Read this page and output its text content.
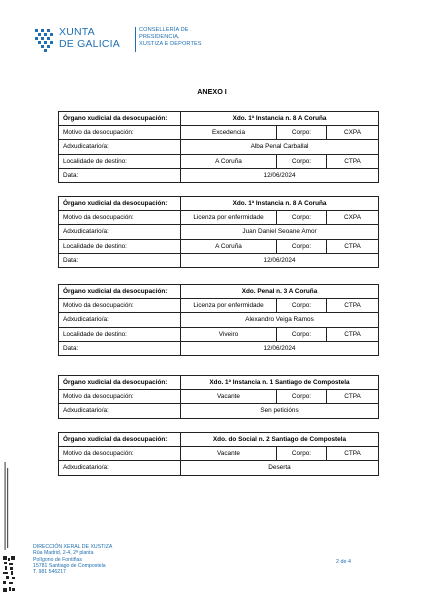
XUNTA
DE GALICIA
CONSELLERÍA DE
PRESIDENCIA,
XUSTIZA E DEPORTES
ANEXO I
Órgano xudicial da desocupación:	Xdo. 1ª Instancia n. 8 A Coruña		
Motivo da desocupación:	Excedencia	Corpo:	CXPA
Adxudicatario/a:	Alba Penal Carballal		
Localidade de destino:	A Coruña	Corpo:	CTPA
Data:	12/06/2024		
Órgano xudicial da desocupación:	Xdo. 1ª Instancia n. 8 A Coruña		
Motivo da desocupación:	Licenza por enfermidade	Corpo:	CXPA
Adxudicatario/a:	Juan Daniel Seoane Amor		
Localidade de destino:	A Coruña	Corpo:	CTPA
Data:	12/06/2024		
Órgano xudicial da desocupación:	Xdo. Penal n. 3 A Coruña		
Motivo da desocupación:	Licenza por enfermidade	Corpo:	CTPA
Adxudicatario/a:	Alexandro Veiga Ramos		
Localidade de destino:	Viveiro	Corpo:	CTPA
Data:	12/06/2024		
Órgano xudicial da desocupación:	Xdo. 1ª Instancia n. 1 Santiago de Compostela		
Motivo da desocupación:	Vacante	Corpo:	CTPA
Adxudicatario/a:	Sen peticións		
Órgano xudicial da desocupación:	Xdo. do Social n. 2 Santiago de Compostela		
Motivo da desocupación:	Vacante	Corpo:	CTPA
Adxudicatario/a:	Deserta		
DIRECCIÓN XERAL DE XUSTIZA
Rúa Madrid, 2-4, 2ª planta
Polígono de Fontiñas
15781 Santiago de Compostela
T. 981 546217
2 de 4
